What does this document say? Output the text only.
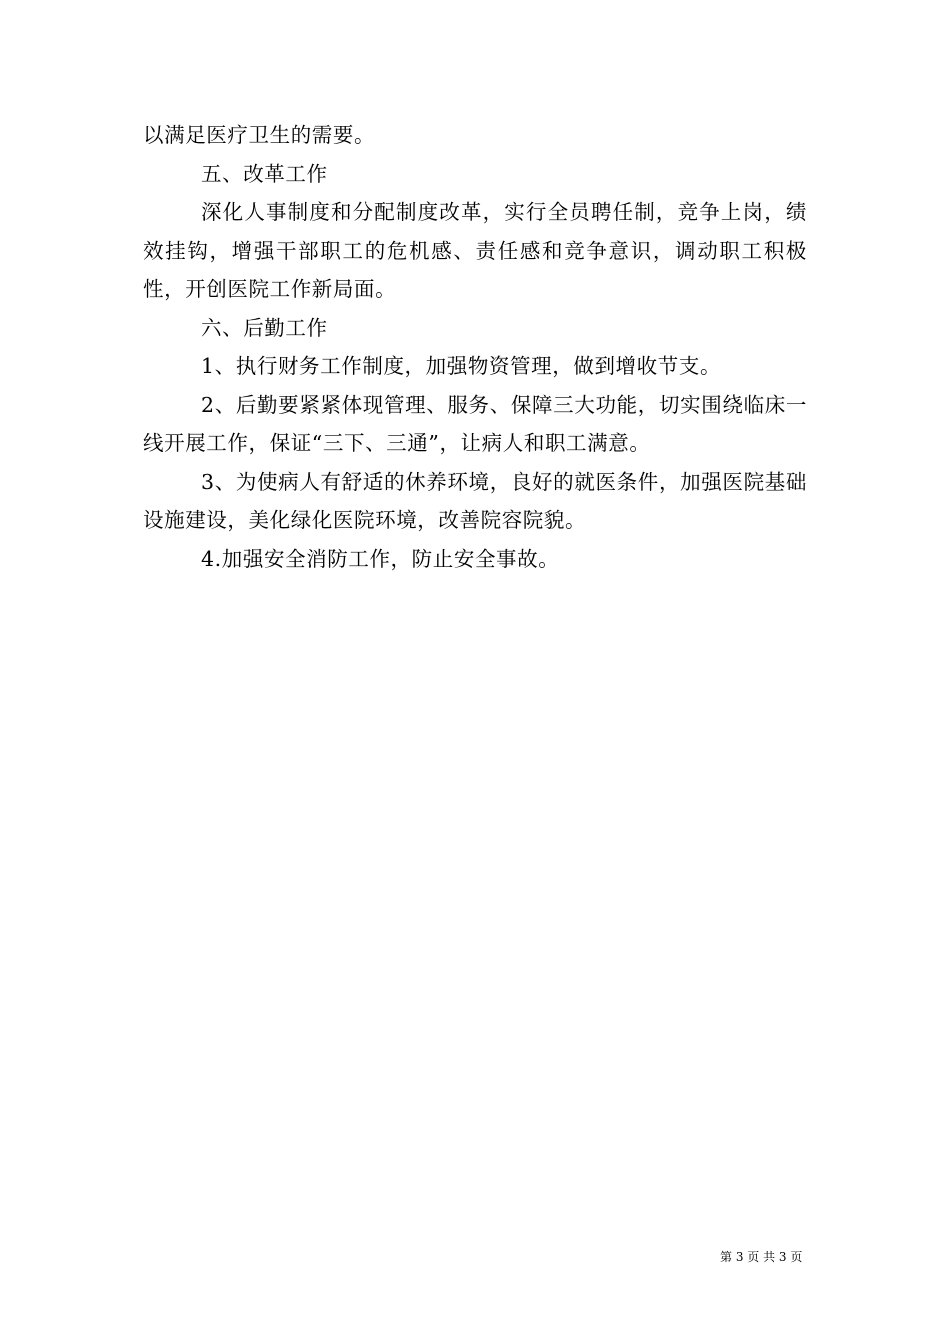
以满足医疗卫生的需要。

五、改革工作

深化人事制度和分配制度改革，实行全员聘任制，竞争上岗，绩效挂钩，增强干部职工的危机感、责任感和竞争意识，调动职工积极性，开创医院工作新局面。

六、后勤工作

1、执行财务工作制度，加强物资管理，做到增收节支。

2、后勤要紧紧体现管理、服务、保障三大功能，切实围绕临床一线开展工作，保证“三下、三通”，让病人和职工满意。

3、为使病人有舒适的休养环境，良好的就医条件，加强医院基础设施建设，美化绿化医院环境，改善院容院貌。

4.加强安全消防工作，防止安全事故。

第 3 页 共 3 页
